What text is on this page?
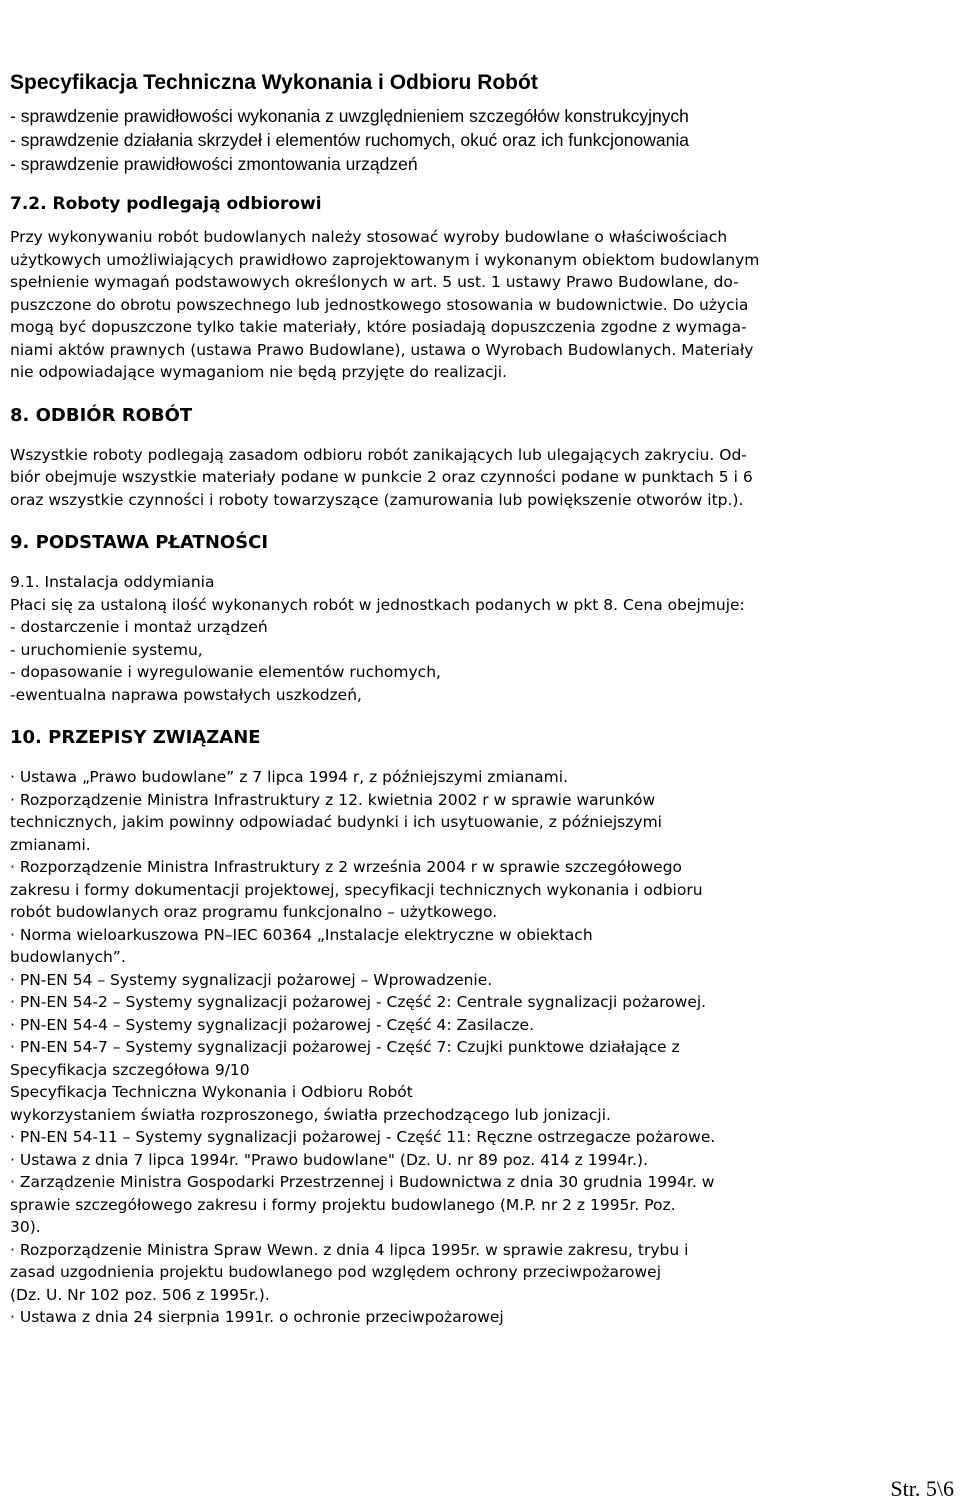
Specyfikacja Techniczna Wykonania i Odbioru Robót
- sprawdzenie prawidłowości wykonania z uwzględnieniem szczegółów konstrukcyjnych
- sprawdzenie działania skrzydeł i elementów ruchomych, okuć oraz ich funkcjonowania
- sprawdzenie prawidłowości zmontowania urządzeń
7.2. Roboty podlegają odbiorowi
Przy wykonywaniu robót budowlanych należy stosować wyroby budowlane o właściwościach
użytkowych umożliwiających prawidłowo zaprojektowanym i wykonanym obiektom budowlanym
spełnienie wymagań podstawowych określonych w art. 5 ust. 1 ustawy Prawo Budowlane, do-
puszczone do obrotu powszechnego lub jednostkowego stosowania w budownictwie. Do użycia
mogą być dopuszczone tylko takie materiały, które posiadają dopuszczenia zgodne z wymaga-
niami aktów prawnych (ustawa Prawo Budowlane), ustawa o Wyrobach Budowlanych. Materiały
nie odpowiadające wymaganiom nie będą przyjęte do realizacji.
8. ODBIÓR ROBÓT
Wszystkie roboty podlegają zasadom odbioru robót zanikających lub ulegających zakryciu. Od-
biór obejmuje wszystkie materiały podane w punkcie 2 oraz czynności podane w punktach 5 i 6
oraz wszystkie czynności i roboty towarzyszące (zamurowania lub powiększenie otworów itp.).
9. PODSTAWA PŁATNOŚCI
9.1. Instalacja oddymiania
Płaci się za ustaloną ilość wykonanych robót w jednostkach podanych w pkt 8. Cena obejmuje:
- dostarczenie i montaż urządzeń
- uruchomienie systemu,
- dopasowanie i wyregulowanie elementów ruchomych,
-ewentualna naprawa powstałych uszkodzeń,
10. PRZEPISY ZWIĄZANE
· Ustawa „Prawo budowlane” z 7 lipca 1994 r, z późniejszymi zmianami.
· Rozporządzenie Ministra Infrastruktury z 12. kwietnia 2002 r w sprawie warunków
technicznych, jakim powinny odpowiadać budynki i ich usytuowanie, z późniejszymi
zmianami.
· Rozporządzenie Ministra Infrastruktury z 2 września 2004 r w sprawie szczegółowego
zakresu i formy dokumentacji projektowej, specyfikacji technicznych wykonania i odbioru
robót budowlanych oraz programu funkcjonalno – użytkowego.
· Norma wieloarkuszowa PN–IEC 60364 „Instalacje elektryczne w obiektach
budowlanych”.
· PN-EN 54 – Systemy sygnalizacji pożarowej – Wprowadzenie.
· PN-EN 54-2 – Systemy sygnalizacji pożarowej - Część 2: Centrale sygnalizacji pożarowej.
· PN-EN 54-4 – Systemy sygnalizacji pożarowej - Część 4: Zasilacze.
· PN-EN 54-7 – Systemy sygnalizacji pożarowej - Część 7: Czujki punktowe działające z
Specyfikacja szczegółowa 9/10
Specyfikacja Techniczna Wykonania i Odbioru Robót
wykorzystaniem światła rozproszonego, światła przechodzącego lub jonizacji.
· PN-EN 54-11 – Systemy sygnalizacji pożarowej - Część 11: Ręczne ostrzegacze pożarowe.
· Ustawa z dnia 7 lipca 1994r. "Prawo budowlane" (Dz. U. nr 89 poz. 414 z 1994r.).
· Zarządzenie Ministra Gospodarki Przestrzennej i Budownictwa z dnia 30 grudnia 1994r. w
sprawie szczegółowego zakresu i formy projektu budowlanego (M.P. nr 2 z 1995r. Poz.
30).
· Rozporządzenie Ministra Spraw Wewn. z dnia 4 lipca 1995r. w sprawie zakresu, trybu i
zasad uzgodnienia projektu budowlanego pod względem ochrony przeciwpożarowej
(Dz. U. Nr 102 poz. 506 z 1995r.).
· Ustawa z dnia 24 sierpnia 1991r. o ochronie przeciwpożarowej
Str. 5\6
